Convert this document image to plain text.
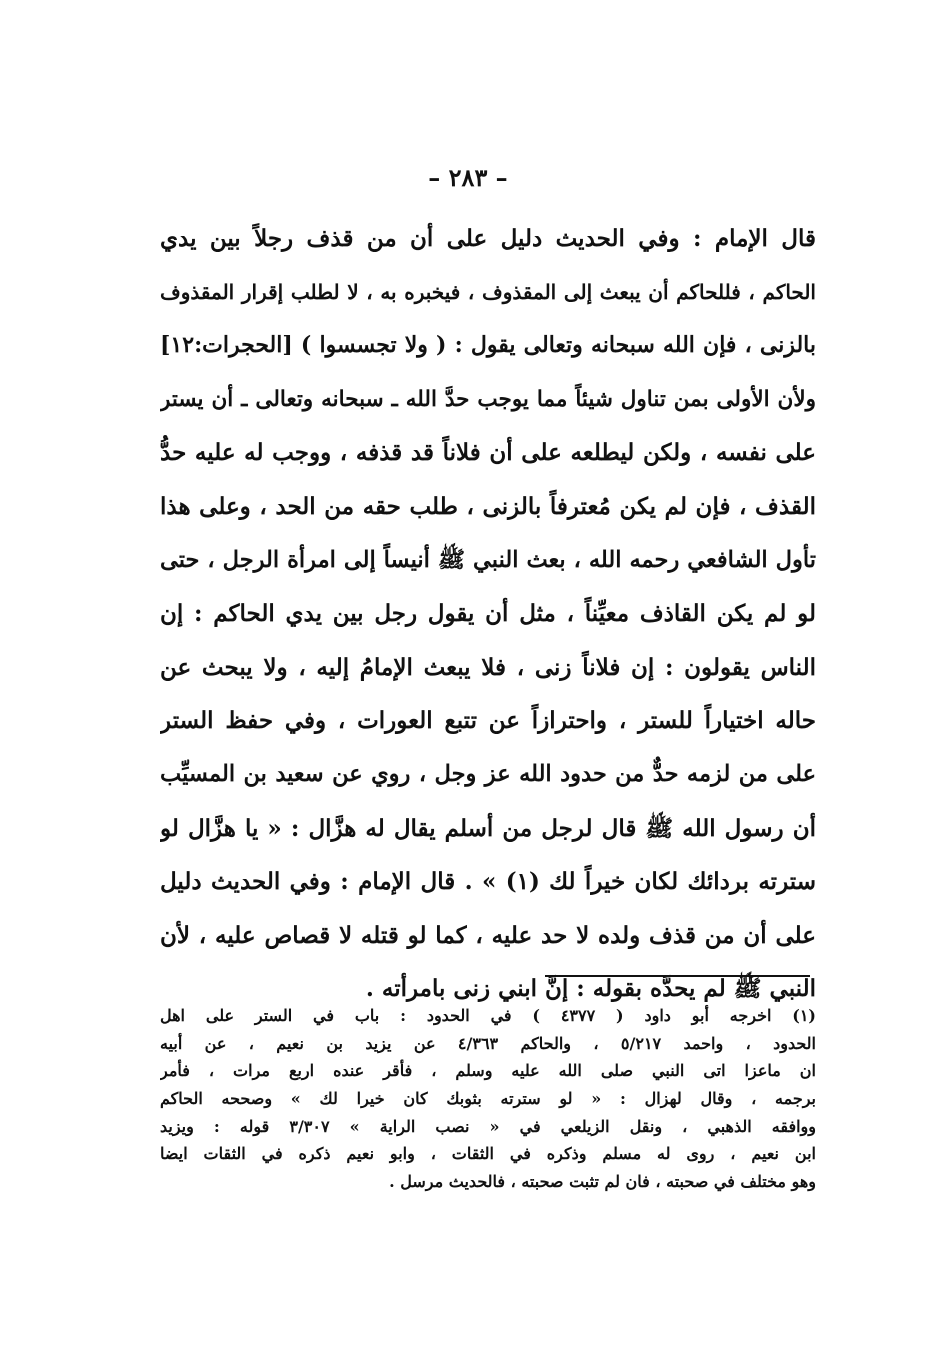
– ٢٨٣ –
قال الإمام : وفي الحديث دليل على أن من قذف رجلاً بين يدي
الحاكم ، فللحاكم أن يبعث إلى المقذوف ، فيخبره به ، لا لطلب إقرار المقذوف
بالزنى ، فإن الله سبحانه وتعالى يقول : ( ولا تجسسوا ) [الحجرات:١٢]
ولأن الأولى بمن تناول شيئاً مما يوجب حدَّ الله ـ سبحانه وتعالى ـ أن يستر
على نفسه ، ولكن ليطلعه على أن فلاناً قد قذفه ، ووجب له عليه حدُّ
القذف ، فإن لم يكن مُعترفاً بالزنى ، طلب حقه من الحد ، وعلى هذا
تأول الشافعي رحمه الله ، بعث النبي ﷺ أنيساً إلى امرأة الرجل ، حتى
لو لم يكن القاذف معيِّناً ، مثل أن يقول رجل بين يدي الحاكم : إن
الناس يقولون : إن فلاناً زنى ، فلا يبعث الإمامُ إليه ، ولا يبحث عن
حاله اختياراً للستر ، واحترازاً عن تتبع العورات ، وفي حفظ الستر
على من لزمه حدٌّ من حدود الله عز وجل ، روي عن سعيد بن المسيِّب
أن رسول الله ﷺ قال لرجل من أسلم يقال له هزَّال : « يا هزَّال لو
سترته بردائك لكان خيراً لك (١) » . قال الإمام : وفي الحديث دليل
على أن من قذف ولده لا حد عليه ، كما لو قتله لا قصاص عليه ، لأن
النبي ﷺ لم يحدَّه بقوله : إنَّ ابني زنى بامرأته .
(١) اخرجه أبو داود ( ٤٣٧٧ ) في الحدود : باب في الستر على اهل
الحدود ، واحمد ٥/٢١٧ ، والحاكم ٤/٣٦٣ عن يزيد بن نعيم ، عن أبيه
ان ماعزا اتى النبي صلى الله عليه وسلم ، فأقر عنده اربع مرات ، فأمر
برجمه ، وقال لهزال : « لو سترته بثوبك كان خيرا لك » وصححه الحاكم
ووافقه الذهبي ، ونقل الزيلعي في « نصب الراية » ٣/٣٠٧ قوله : ويزيد
ابن نعيم ، روى له مسلم وذكره في الثقات ، وابو نعيم ذكره في الثقات ايضا
وهو مختلف في صحبته ، فان لم تثبت صحبته ، فالحديث مرسل .
